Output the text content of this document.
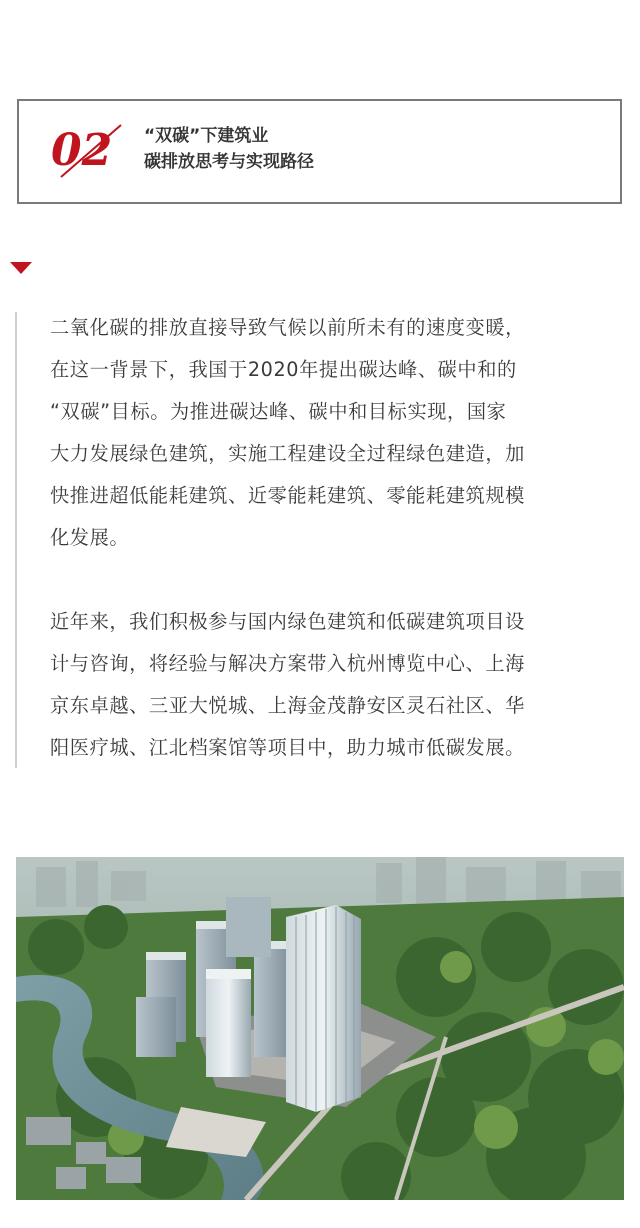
02 “双碳”下建筑业
碳排放思考与实现路径
二氧化碳的排放直接导致气候以前所未有的速度变暖，
在这一背景下，我国于2020年提出碳达峰、碳中和的
“双碳”目标。为推进碳达峰、碳中和目标实现，国家
大力发展绿色建筑，实施工程建设全过程绿色建造，加
快推进超低能耗建筑、近零能耗建筑、零能耗建筑规模
化发展。
近年来，我们积极参与国内绿色建筑和低碳建筑项目设
计与咨询，将经验与解决方案带入杭州博览中心、上海
京东卓越、三亚大悦城、上海金茂静安区灵石社区、华
阳医疗城、江北档案馆等项目中，助力城市低碳发展。
